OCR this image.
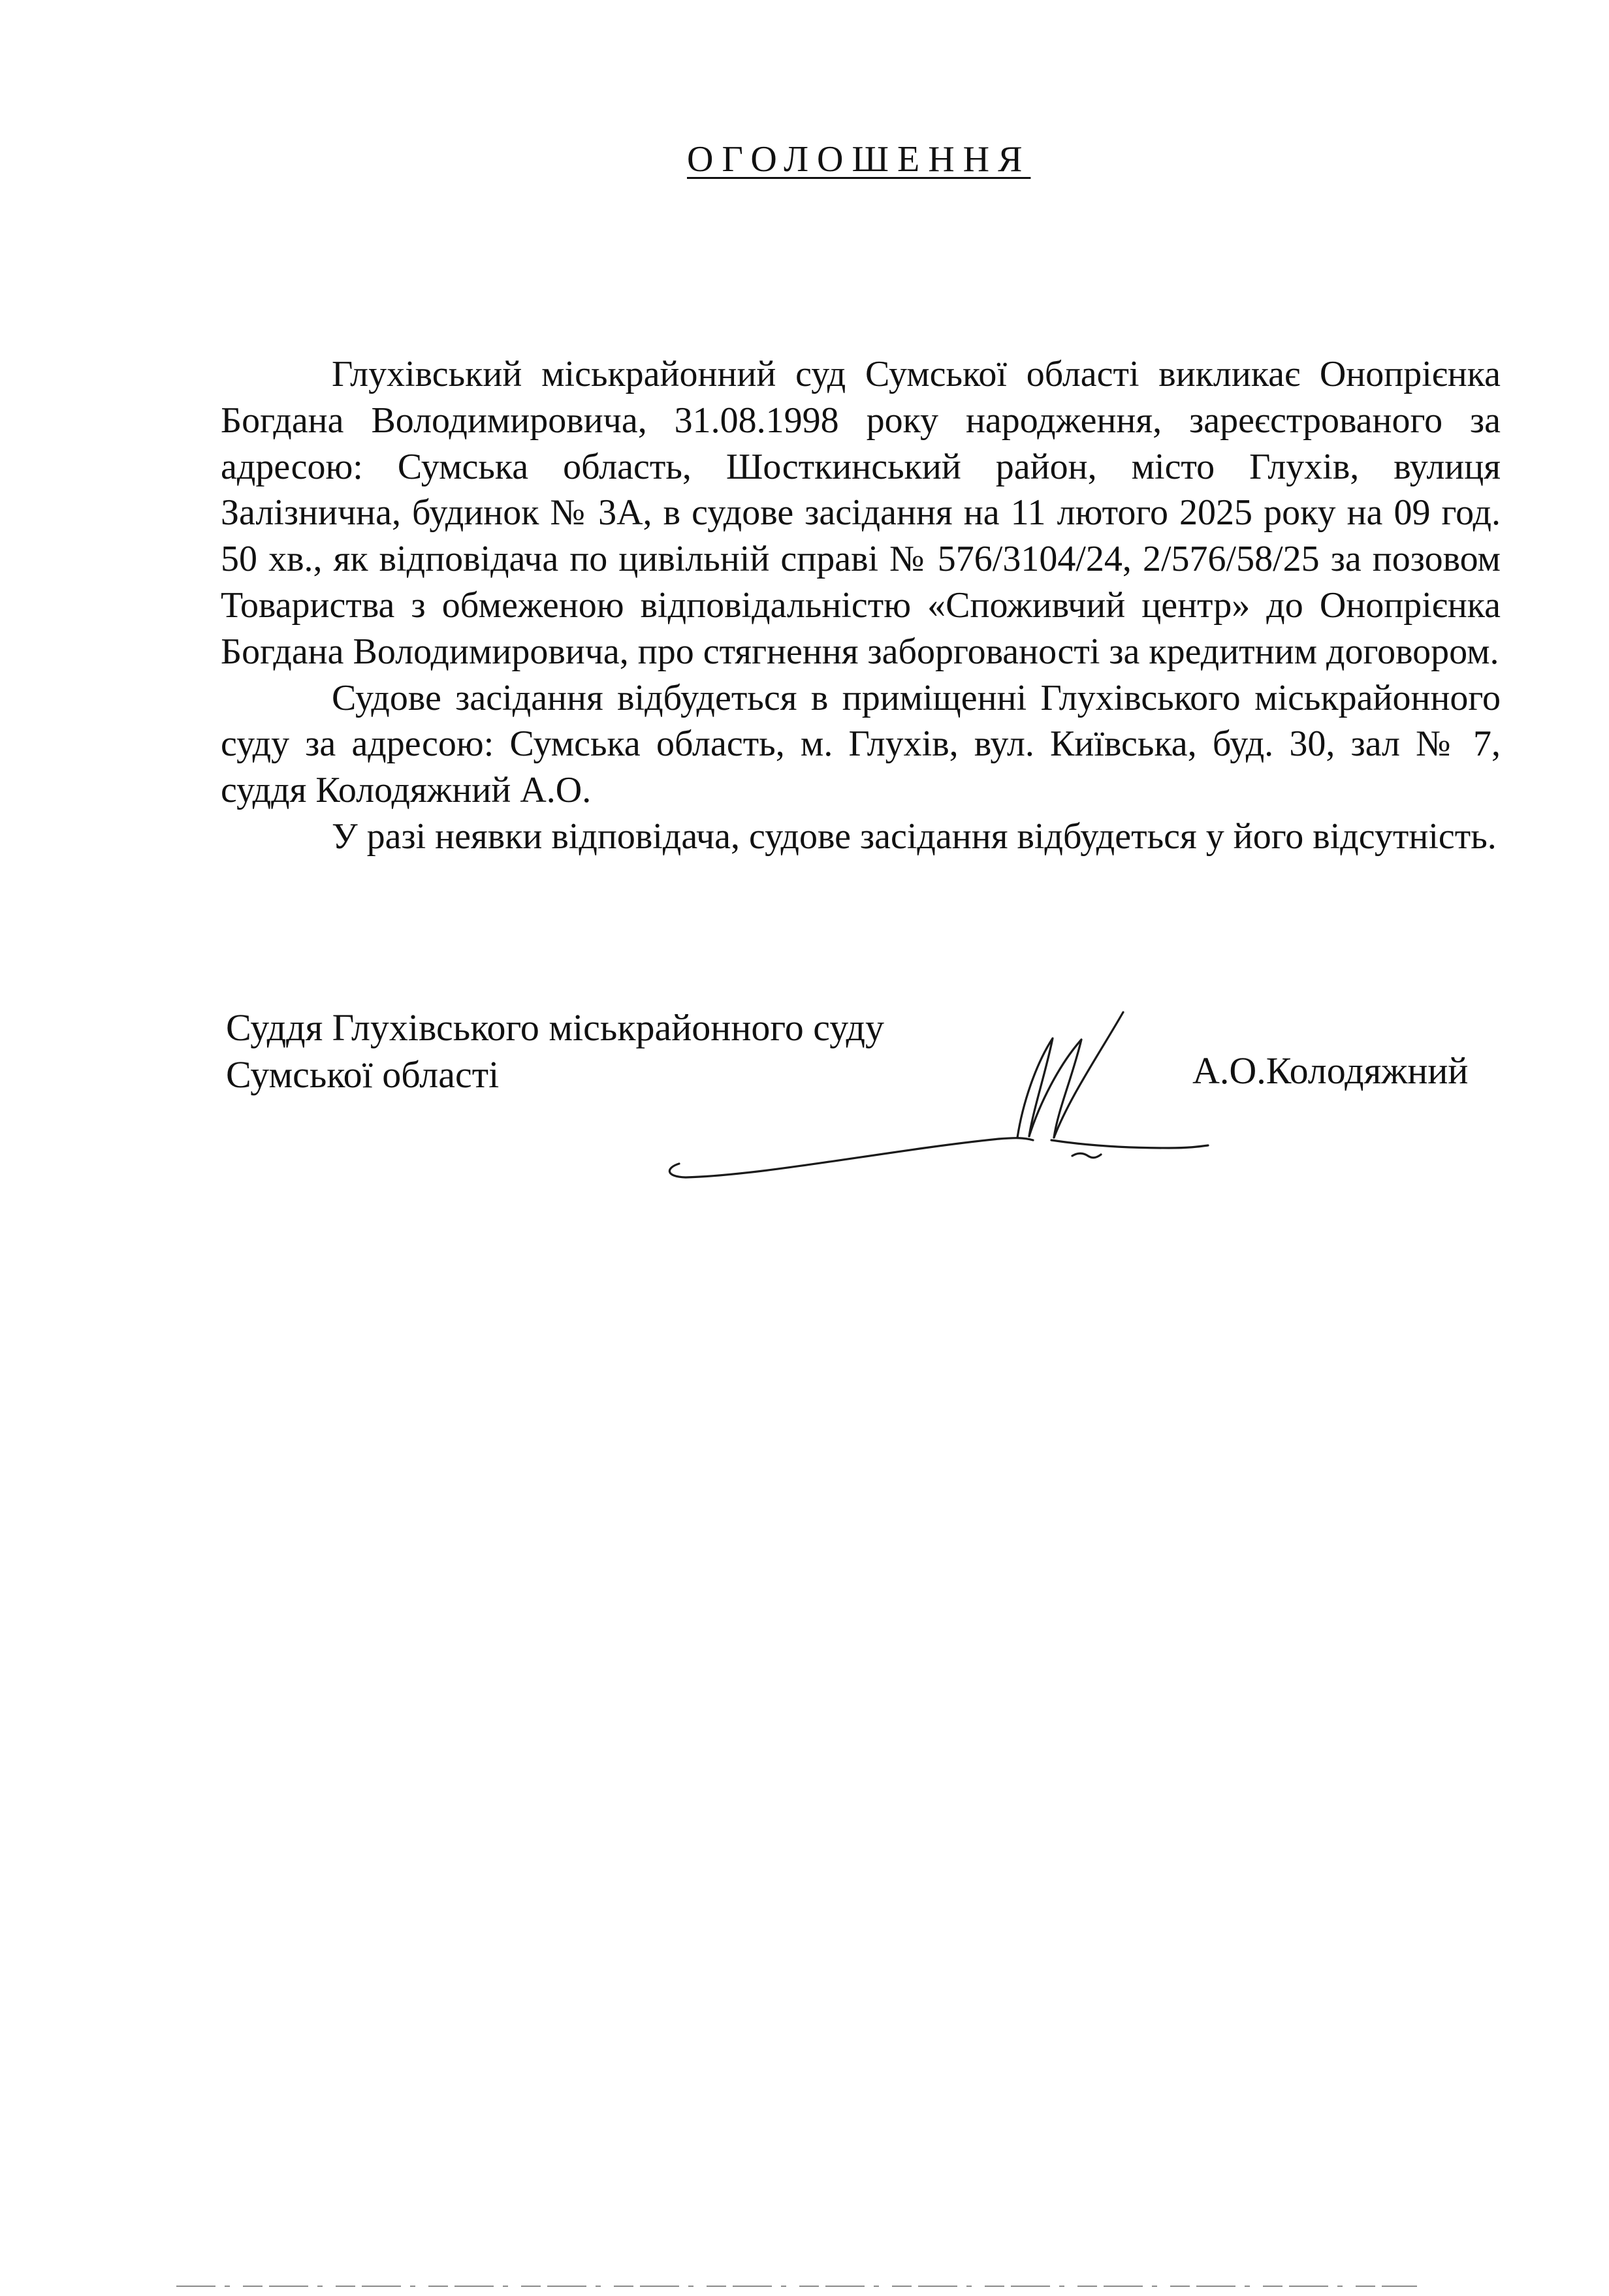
ОГОЛОШЕННЯ

Глухівський міськрайонний суд Сумської області викликає Онопрієнка Богдана Володимировича, 31.08.1998 року народження, зареєстрованого за адресою: Сумська область, Шосткинський район, місто Глухів, вулиця Залізнична, будинок № 3А, в судове засідання на 11 лютого 2025 року на 09 год. 50 хв., як відповідача по цивільній справі № 576/3104/24, 2/576/58/25 за позовом Товариства з обмеженою відповідальністю «Споживчий центр» до Онопрієнка Богдана Володимировича, про стягнення заборгованості за кредитним договором.

Судове засідання відбудеться в приміщенні Глухівського міськрайонного суду за адресою: Сумська область, м. Глухів, вул. Київська, буд. 30, зал № 7, суддя Колодяжний А.О.

У разі неявки відповідача, судове засідання відбудеться у його відсутність.

Суддя Глухівського міськрайонного суду
Сумської області	А.О.Колодяжний
